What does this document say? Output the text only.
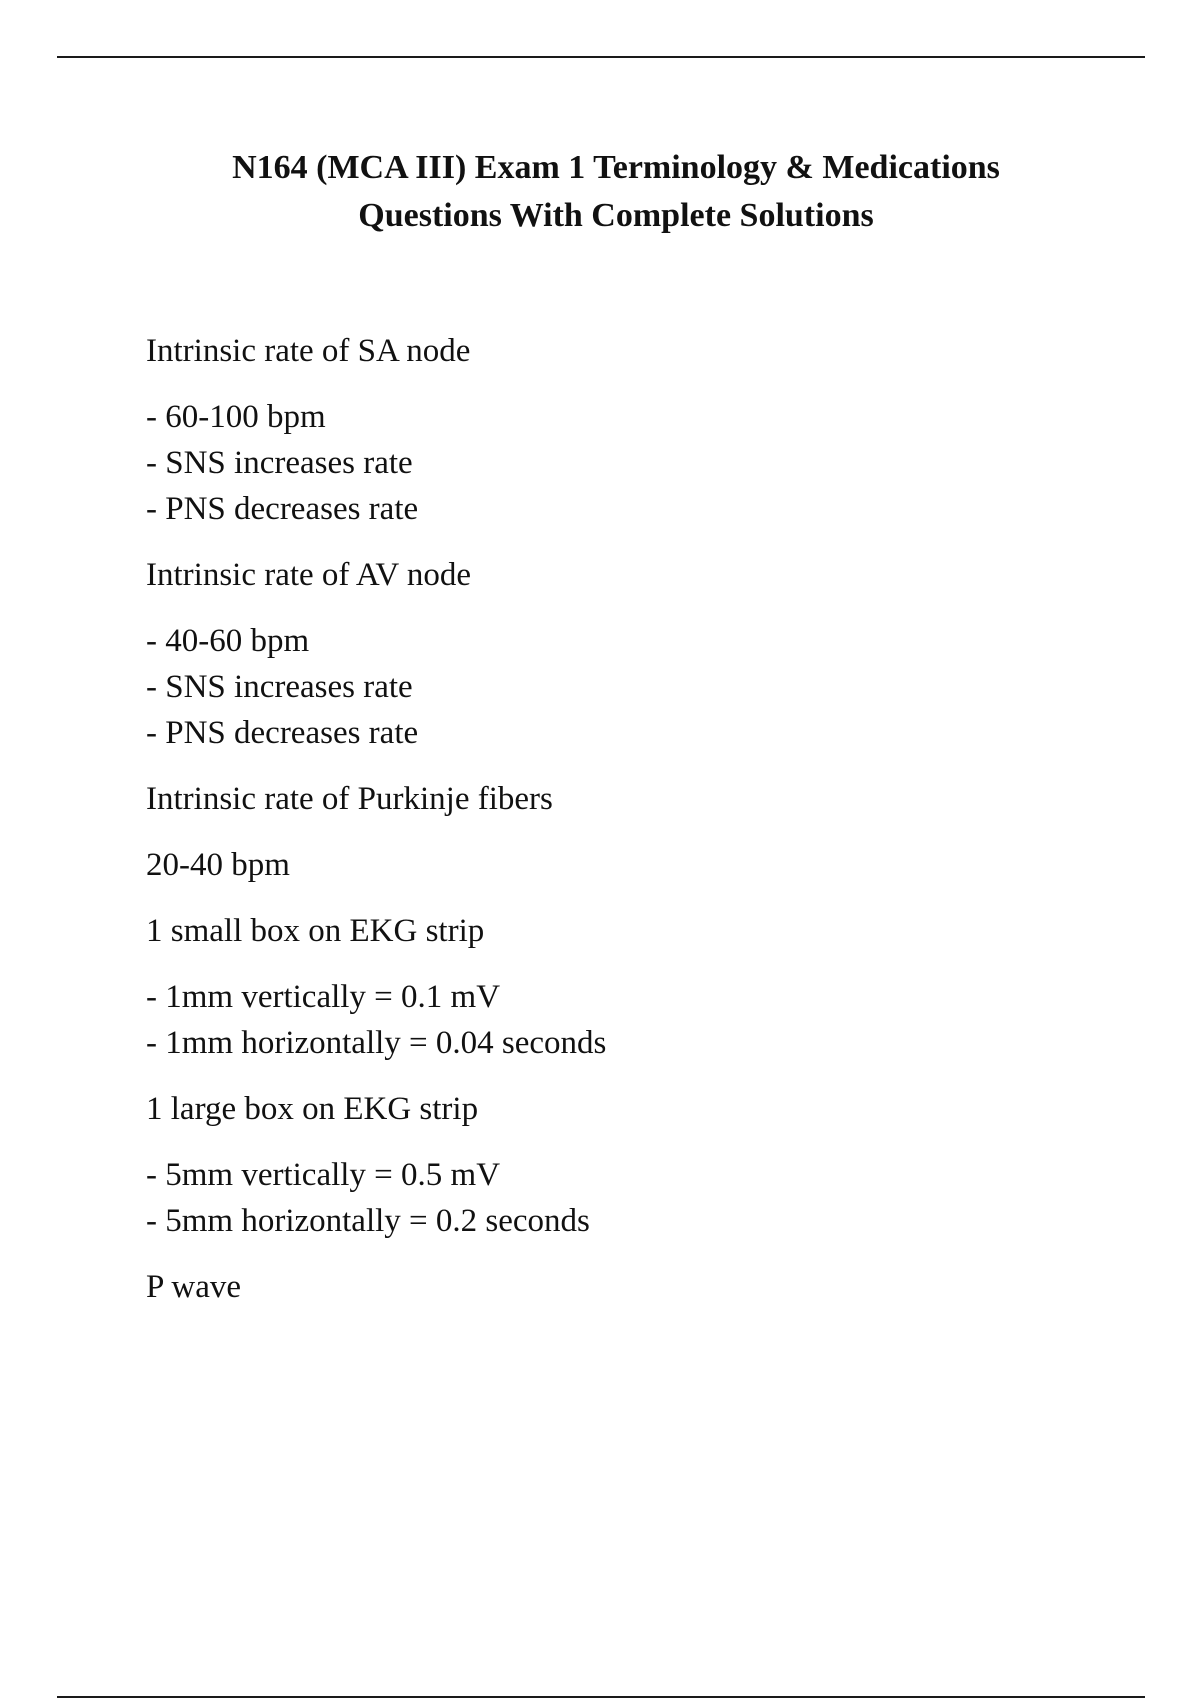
N164 (MCA III) Exam 1 Terminology & Medications
Questions With Complete Solutions

Intrinsic rate of SA node

- 60-100 bpm
- SNS increases rate
- PNS decreases rate

Intrinsic rate of AV node

- 40-60 bpm
- SNS increases rate
- PNS decreases rate

Intrinsic rate of Purkinje fibers

20-40 bpm

1 small box on EKG strip

- 1mm vertically = 0.1 mV
- 1mm horizontally = 0.04 seconds

1 large box on EKG strip

- 5mm vertically = 0.5 mV
- 5mm horizontally = 0.2 seconds

P wave
